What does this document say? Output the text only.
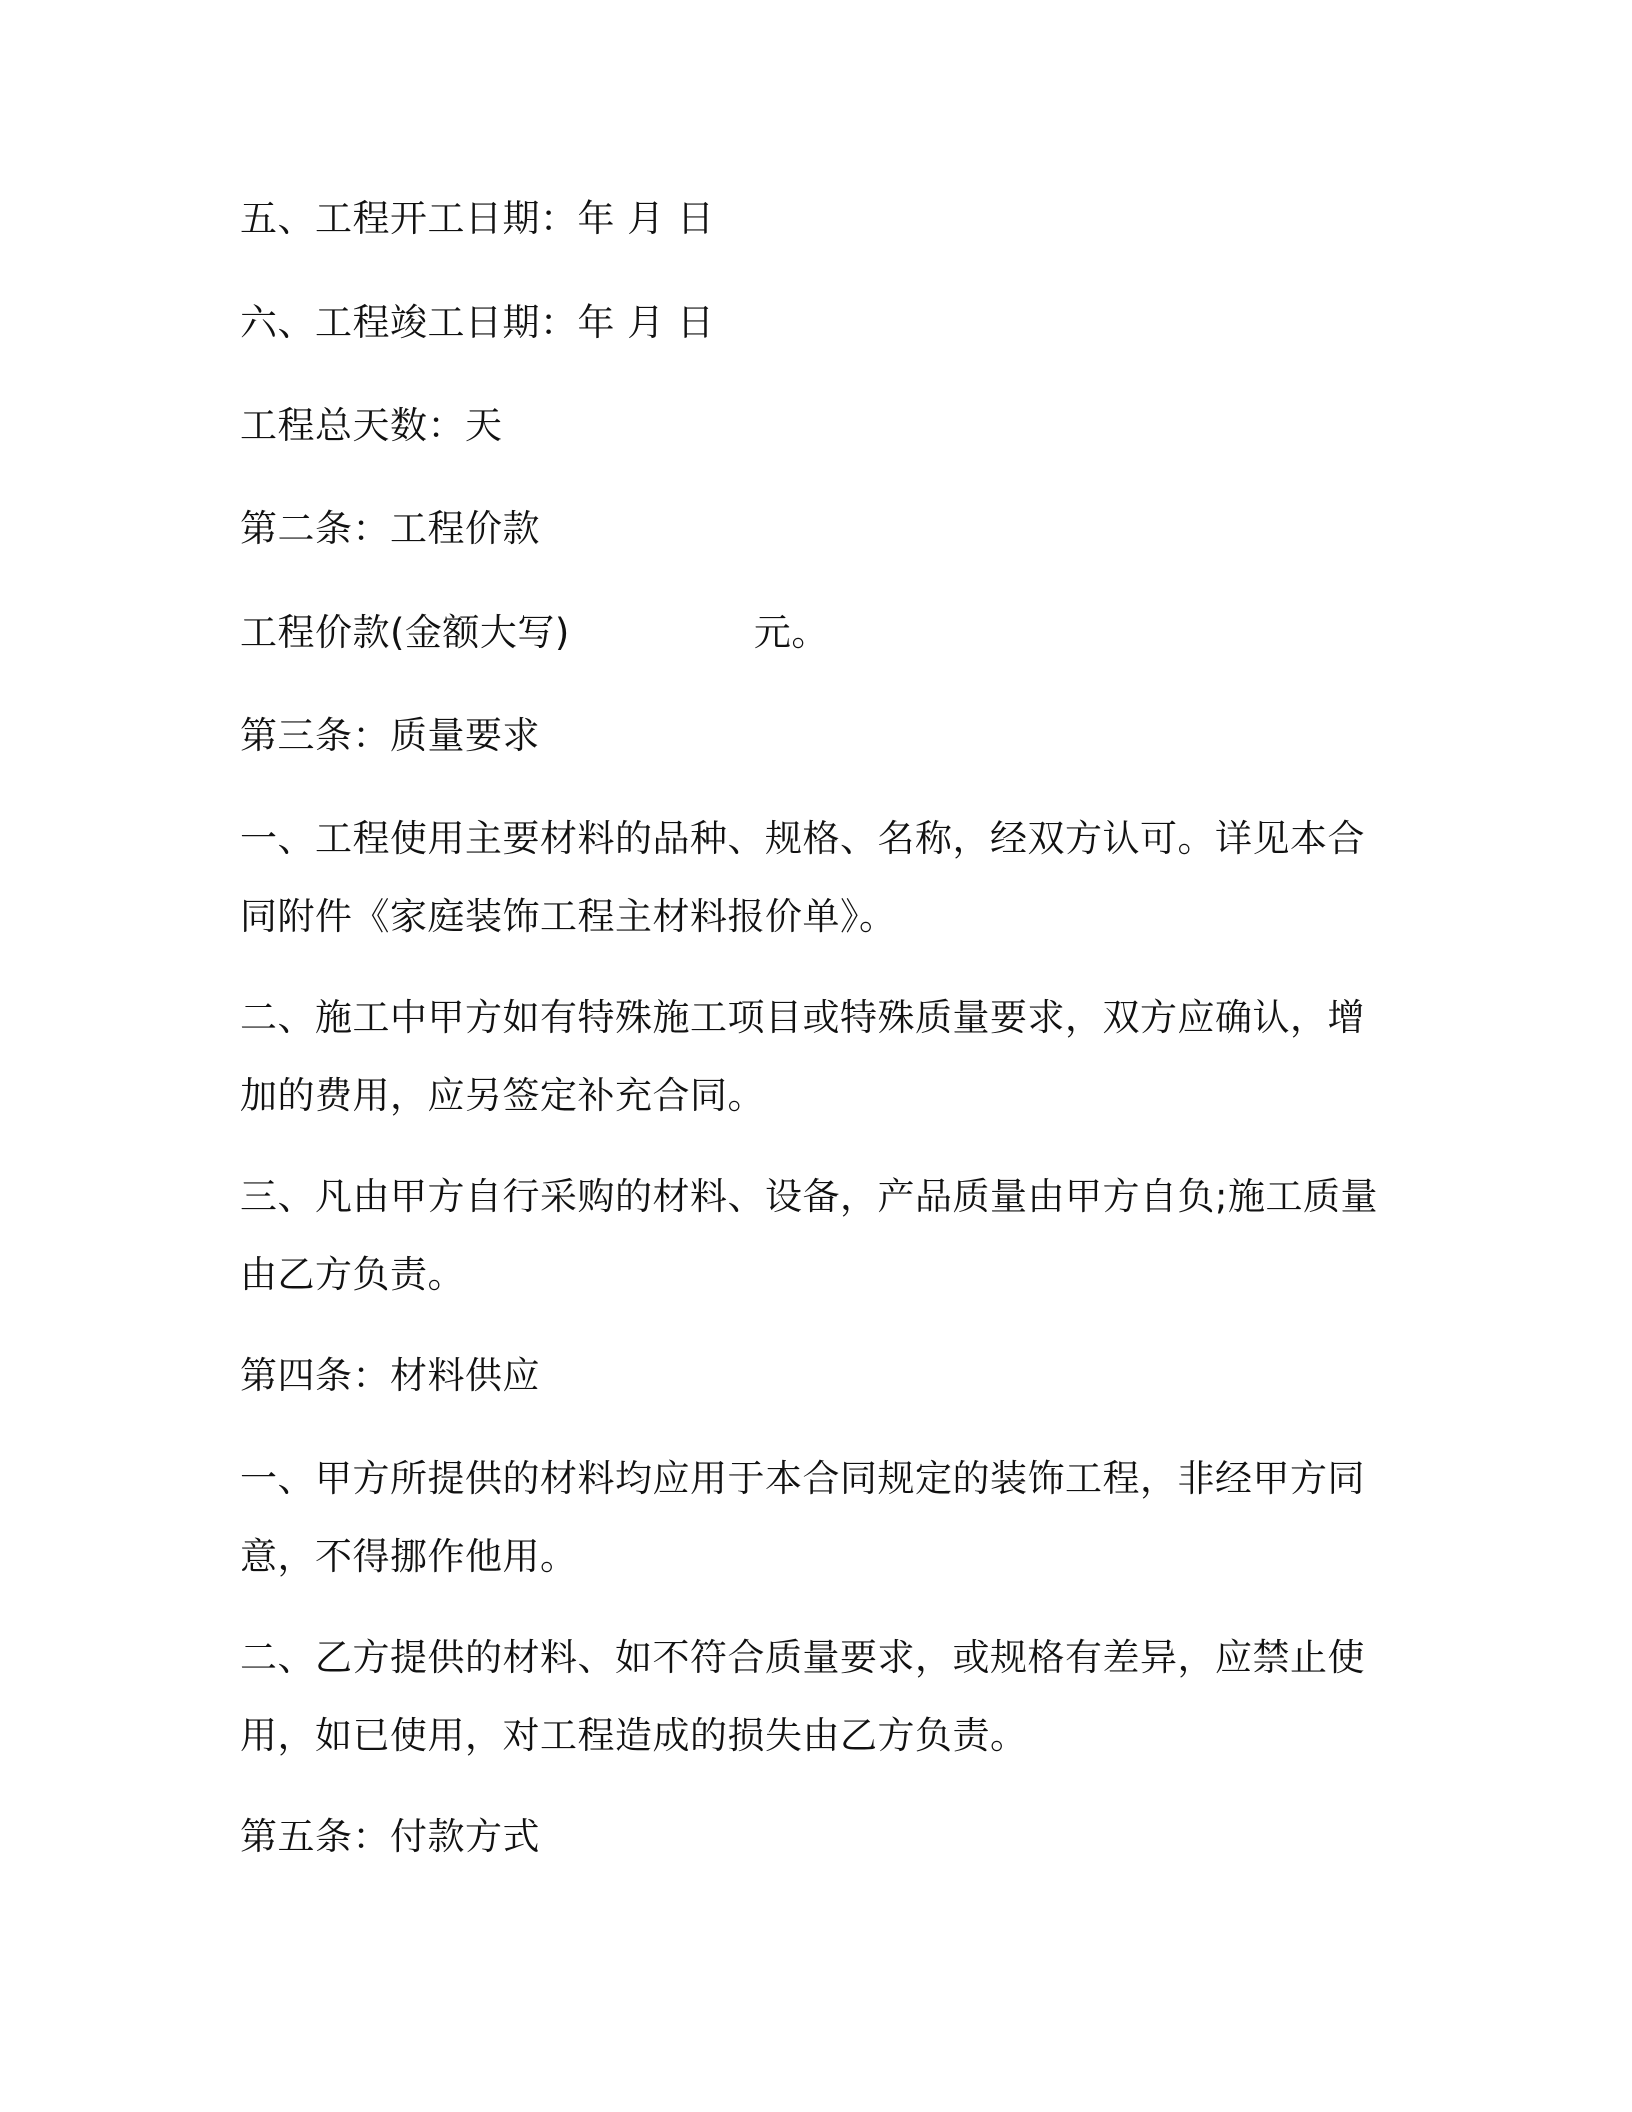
五、工程开工日期：年 月 日
六、工程竣工日期：年 月 日
工程总天数：天
第二条：工程价款
工程价款(金额大写)	元。
第三条：质量要求
一、工程使用主要材料的品种、规格、名称，经双方认可。详见本合
同附件《家庭装饰工程主材料报价单》。
二、施工中甲方如有特殊施工项目或特殊质量要求，双方应确认，增
加的费用，应另签定补充合同。
三、凡由甲方自行采购的材料、设备，产品质量由甲方自负;施工质量
由乙方负责。
第四条：材料供应
一、甲方所提供的材料均应用于本合同规定的装饰工程，非经甲方同
意，不得挪作他用。
二、乙方提供的材料、如不符合质量要求，或规格有差异，应禁止使
用，如已使用，对工程造成的损失由乙方负责。
第五条：付款方式
